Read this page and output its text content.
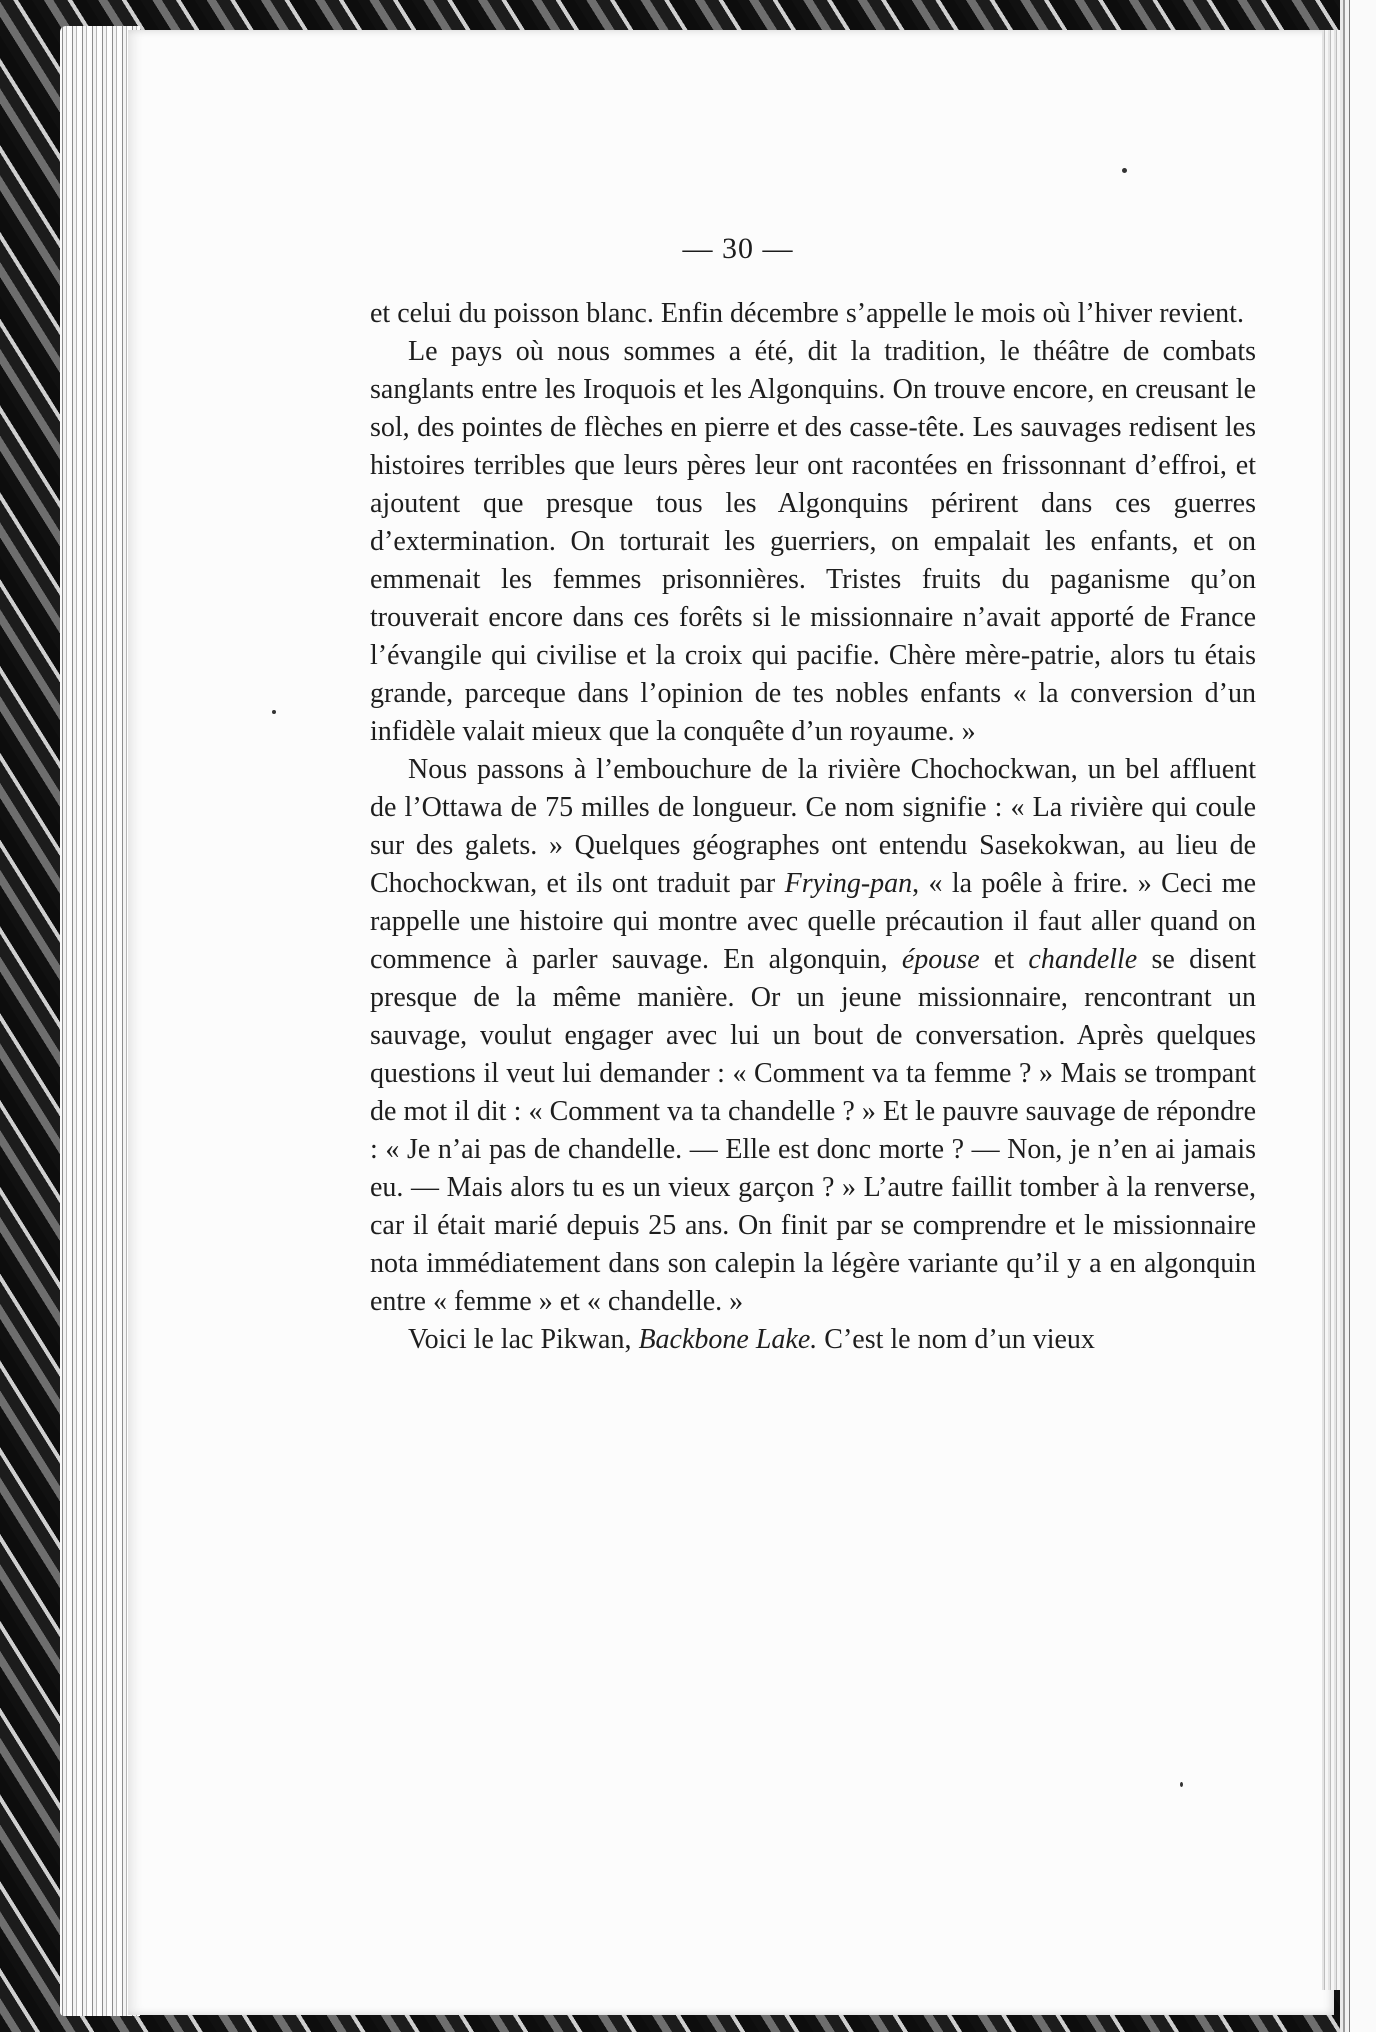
— 30 —

et celui du poisson blanc. Enfin décembre s’appelle le mois où l’hiver revient.

Le pays où nous sommes a été, dit la tradition, le théâtre de combats sanglants entre les Iroquois et les Algonquins. On trouve encore, en creusant le sol, des pointes de flèches en pierre et des casse-tête. Les sauvages redisent les histoires terribles que leurs pères leur ont racontées en frissonnant d’effroi, et ajoutent que presque tous les Algonquins périrent dans ces guerres d’extermination. On torturait les guerriers, on empalait les enfants, et on emmenait les femmes prisonnières. Tristes fruits du paganisme qu’on trouverait encore dans ces forêts si le missionnaire n’avait apporté de France l’évangile qui civilise et la croix qui pacifie. Chère mère-patrie, alors tu étais grande, parceque dans l’opinion de tes nobles enfants « la conversion d’un infidèle valait mieux que la conquête d’un royaume. »

Nous passons à l’embouchure de la rivière Chochockwan, un bel affluent de l’Ottawa de 75 milles de longueur. Ce nom signifie : « La rivière qui coule sur des galets. » Quelques géographes ont entendu Sasekokwan, au lieu de Chochockwan, et ils ont traduit par Frying-pan, « la poêle à frire. » Ceci me rappelle une histoire qui montre avec quelle précaution il faut aller quand on commence à parler sauvage. En algonquin, épouse et chandelle se disent presque de la même manière. Or un jeune missionnaire, rencontrant un sauvage, voulut engager avec lui un bout de conversation. Après quelques questions il veut lui demander : « Comment va ta femme ? » Mais se trompant de mot il dit : « Comment va ta chandelle ? » Et le pauvre sauvage de répondre : « Je n’ai pas de chandelle. — Elle est donc morte ? — Non, je n’en ai jamais eu. — Mais alors tu es un vieux garçon ? » L’autre faillit tomber à la renverse, car il était marié depuis 25 ans. On finit par se comprendre et le missionnaire nota immédiatement dans son calepin la légère variante qu’il y a en algonquin entre « femme » et « chandelle. »

Voici le lac Pikwan, Backbone Lake. C’est le nom d’un vieux
